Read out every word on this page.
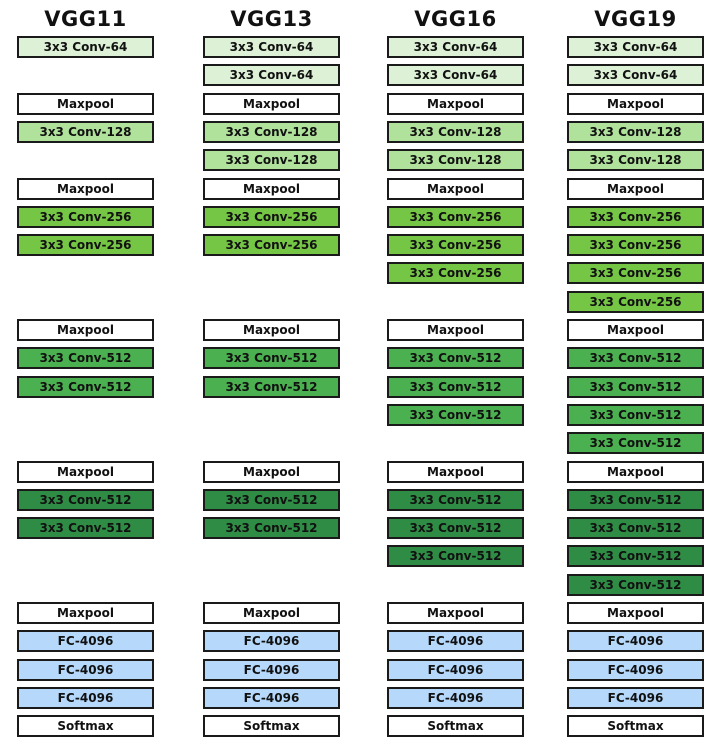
VGG11
3x3 Conv-64
Maxpool
3x3 Conv-128
Maxpool
3x3 Conv-256
3x3 Conv-256
Maxpool
3x3 Conv-512
3x3 Conv-512
Maxpool
3x3 Conv-512
3x3 Conv-512
Maxpool
FC-4096
FC-4096
FC-4096
Softmax
VGG13
3x3 Conv-64
3x3 Conv-64
Maxpool
3x3 Conv-128
3x3 Conv-128
Maxpool
3x3 Conv-256
3x3 Conv-256
Maxpool
3x3 Conv-512
3x3 Conv-512
Maxpool
3x3 Conv-512
3x3 Conv-512
Maxpool
FC-4096
FC-4096
FC-4096
Softmax
VGG16
3x3 Conv-64
3x3 Conv-64
Maxpool
3x3 Conv-128
3x3 Conv-128
Maxpool
3x3 Conv-256
3x3 Conv-256
3x3 Conv-256
Maxpool
3x3 Conv-512
3x3 Conv-512
3x3 Conv-512
Maxpool
3x3 Conv-512
3x3 Conv-512
3x3 Conv-512
Maxpool
FC-4096
FC-4096
FC-4096
Softmax
VGG19
3x3 Conv-64
3x3 Conv-64
Maxpool
3x3 Conv-128
3x3 Conv-128
Maxpool
3x3 Conv-256
3x3 Conv-256
3x3 Conv-256
3x3 Conv-256
Maxpool
3x3 Conv-512
3x3 Conv-512
3x3 Conv-512
3x3 Conv-512
Maxpool
3x3 Conv-512
3x3 Conv-512
3x3 Conv-512
3x3 Conv-512
Maxpool
FC-4096
FC-4096
FC-4096
Softmax
